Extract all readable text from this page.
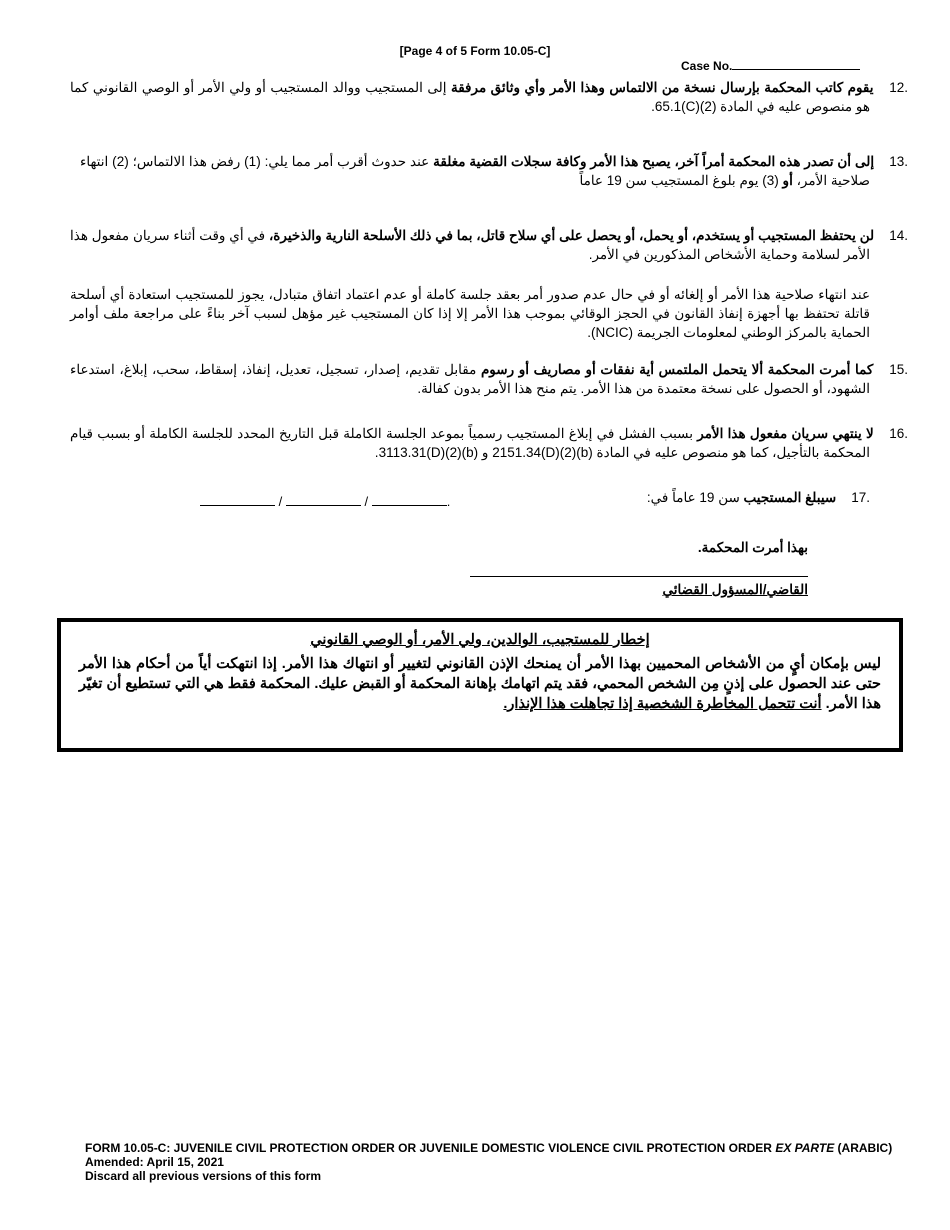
[Page 4 of 5 Form 10.05-C]
Case No.
12. يقوم كاتب المحكمة بإرسال نسخة من الالتماس وهذا الأمر وأي وثائق مرفقة إلى المستجيب ووالد المستجيب أو ولي الأمر أو الوصي القانوني كما هو منصوص عليه في المادة (2)(C)65.1.
13. إلى أن تصدر هذه المحكمة أمراً آخر، يصبح هذا الأمر وكافة سجلات القضية مغلقة عند حدوث أقرب أمر مما يلي: (1) رفض هذا الالتماس؛ (2) انتهاء صلاحية الأمر، أو (3) يوم بلوغ المستجيب سن 19 عاماً
14. لن يحتفظ المستجيب أو يستخدم، أو يحمل، أو يحصل على أي سلاح قاتل، بما في ذلك الأسلحة النارية والذخيرة، في أي وقت أثناء سريان مفعول هذا الأمر لسلامة وحماية الأشخاص المذكورين في الأمر.
عند انتهاء صلاحية هذا الأمر أو إلغائه أو في حال عدم صدور أمر بعقد جلسة كاملة أو عدم اعتماد اتفاق متبادل، يجوز للمستجيب استعادة أي أسلحة قاتلة تحتفظ بها أجهزة إنفاذ القانون في الحجز الوقائي بموجب هذا الأمر إلا إذا كان المستجيب غير مؤهل لسبب آخر بناءً على مراجعة ملف أوامر الحماية بالمركز الوطني لمعلومات الجريمة (NCIC).
15. كما أمرت المحكمة ألا يتحمل الملتمس أية نفقات أو مصاريف أو رسوم مقابل تقديم، إصدار، تسجيل، تعديل، إنفاذ، إسقاط، سحب، إبلاغ، استدعاء الشهود، أو الحصول على نسخة معتمدة من هذا الأمر. يتم منح هذا الأمر بدون كفالة.
16. لا ينتهي سريان مفعول هذا الأمر بسبب الفشل في إبلاغ المستجيب رسمياً بموعد الجلسة الكاملة قبل التاريخ المحدد للجلسة الكاملة أو بسبب قيام المحكمة بالتأجيل، كما هو منصوص عليه في المادة (b)(2)(D)2151.34 و (b)(2)(D)3113.31.
17. سيبلغ المستجيب سن 19 عاماً في:
/	/	.
بهذا أمرت المحكمة.
القاضي/المسؤول القضائي
إخطار للمستجيب، الوالدين، ولي الأمر، أو الوصي القانوني

ليس بإمكان أيٍ من الأشخاص المحميين بهذا الأمر أن يمنحك الإذن القانوني لتغيير أو انتهاك هذا الأمر. إذا انتهكت أياً من أحكام هذا الأمر حتى عند الحصول على إذنٍ مِن الشخص المحمي، فقد يتم اتهامك بإهانة المحكمة أو القبض عليك. المحكمة فقط هي التي تستطيع أن تغيّر هذا الأمر. أنت تتحمل المخاطرة الشخصية إذا تجاهلت هذا الإنذار.

FORM 10.05-C: JUVENILE CIVIL PROTECTION ORDER OR JUVENILE DOMESTIC VIOLENCE CIVIL PROTECTION ORDER EX PARTE (ARABIC)
Amended: April 15, 2021
Discard all previous versions of this form
